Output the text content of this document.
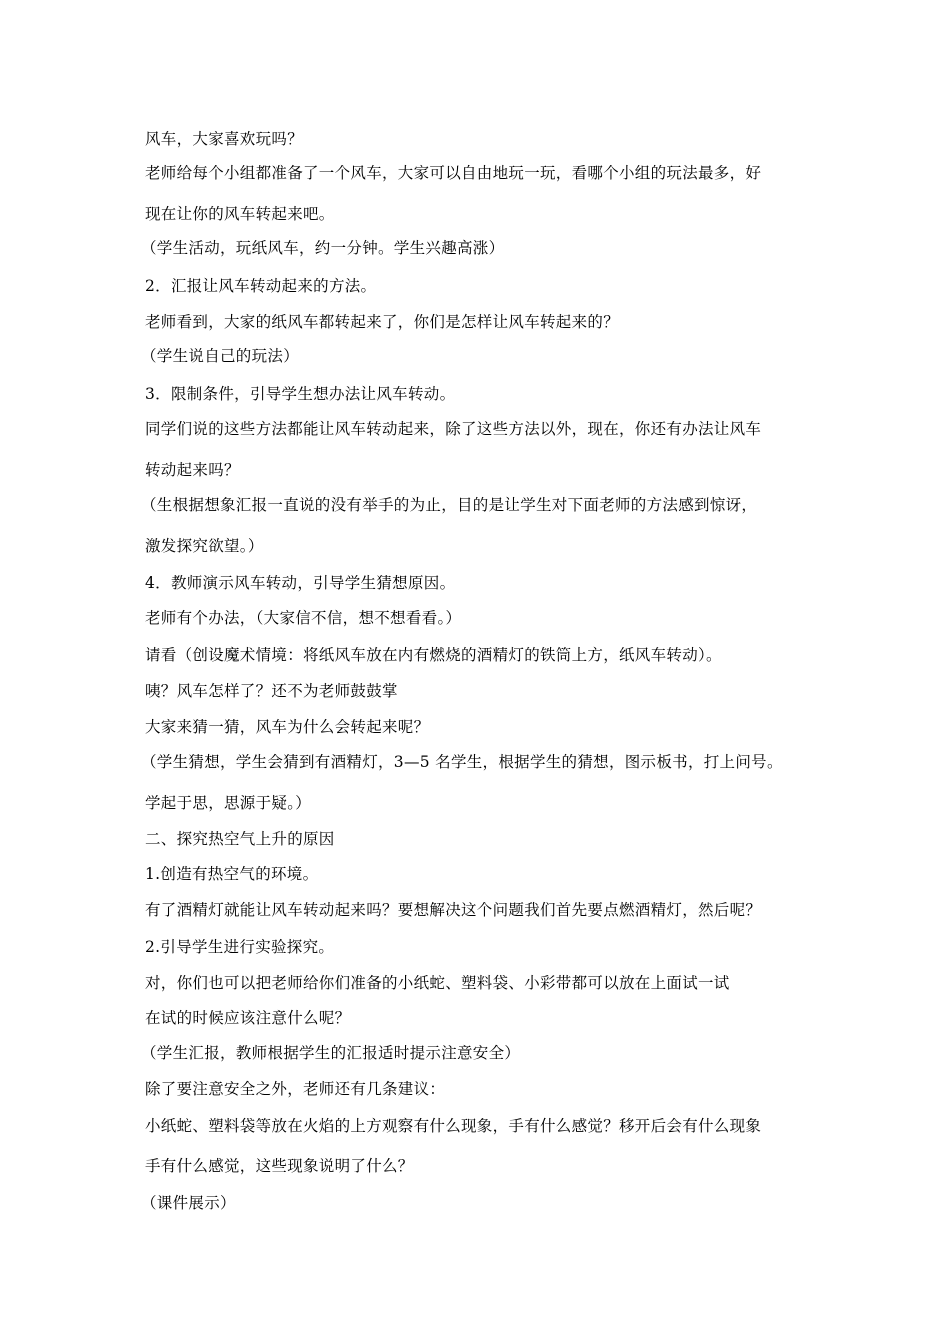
风车，大家喜欢玩吗？
老师给每个小组都准备了一个风车，大家可以自由地玩一玩，看哪个小组的玩法最多，好
现在让你的风车转起来吧。
（学生活动，玩纸风车，约一分钟。学生兴趣高涨）
2．汇报让风车转动起来的方法。
老师看到，大家的纸风车都转起来了，你们是怎样让风车转起来的？
（学生说自己的玩法）
3．限制条件，引导学生想办法让风车转动。
同学们说的这些方法都能让风车转动起来，除了这些方法以外，现在，你还有办法让风车
转动起来吗？
（生根据想象汇报一直说的没有举手的为止，目的是让学生对下面老师的方法感到惊讶，
激发探究欲望。）
4．教师演示风车转动，引导学生猜想原因。
老师有个办法，（大家信不信，想不想看看。）
请看（创设魔术情境：将纸风车放在内有燃烧的酒精灯的铁筒上方，纸风车转动）。
咦？风车怎样了？还不为老师鼓鼓掌
大家来猜一猜，风车为什么会转起来呢？
（学生猜想，学生会猜到有酒精灯，3—5 名学生，根据学生的猜想，图示板书，打上问号。
学起于思，思源于疑。）
二、探究热空气上升的原因
1.创造有热空气的环境。
有了酒精灯就能让风车转动起来吗？要想解决这个问题我们首先要点燃酒精灯，然后呢？
2.引导学生进行实验探究。
对，你们也可以把老师给你们准备的小纸蛇、塑料袋、小彩带都可以放在上面试一试
在试的时候应该注意什么呢？
（学生汇报，教师根据学生的汇报适时提示注意安全）
除了要注意安全之外，老师还有几条建议：
小纸蛇、塑料袋等放在火焰的上方观察有什么现象，手有什么感觉？移开后会有什么现象
手有什么感觉，这些现象说明了什么？
（课件展示）
